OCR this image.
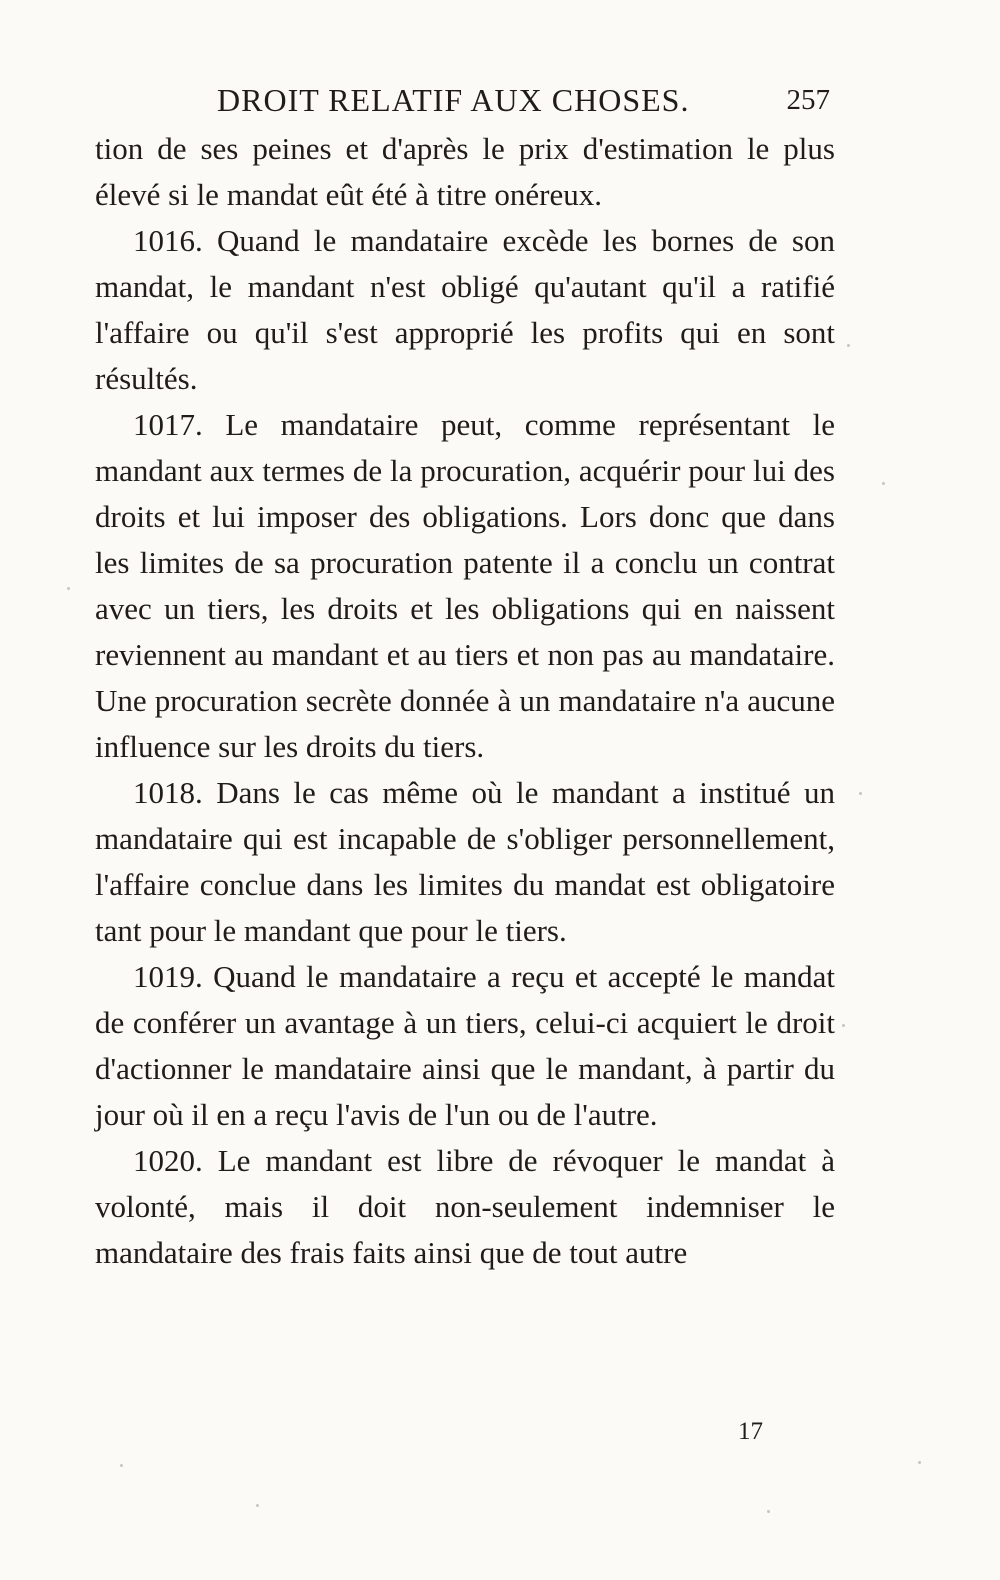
DROIT RELATIF AUX CHOSES.	257

tion de ses peines et d'après le prix d'estimation le plus élevé si le mandat eût été à titre onéreux.

1016. Quand le mandataire excède les bornes de son mandat, le mandant n'est obligé qu'autant qu'il a ratifié l'affaire ou qu'il s'est approprié les profits qui en sont résultés.

1017. Le mandataire peut, comme représentant le mandant aux termes de la procuration, acquérir pour lui des droits et lui imposer des obligations. Lors donc que dans les limites de sa procuration patente il a conclu un contrat avec un tiers, les droits et les obligations qui en naissent reviennent au mandant et au tiers et non pas au mandataire. Une procuration secrète donnée à un mandataire n'a aucune influence sur les droits du tiers.

1018. Dans le cas même où le mandant a institué un mandataire qui est incapable de s'obliger personnellement, l'affaire conclue dans les limites du mandat est obligatoire tant pour le mandant que pour le tiers.

1019. Quand le mandataire a reçu et accepté le mandat de conférer un avantage à un tiers, celui-ci acquiert le droit d'actionner le mandataire ainsi que le mandant, à partir du jour où il en a reçu l'avis de l'un ou de l'autre.

1020. Le mandant est libre de révoquer le mandat à volonté, mais il doit non-seulement indemniser le mandataire des frais faits ainsi que de tout autre

17
